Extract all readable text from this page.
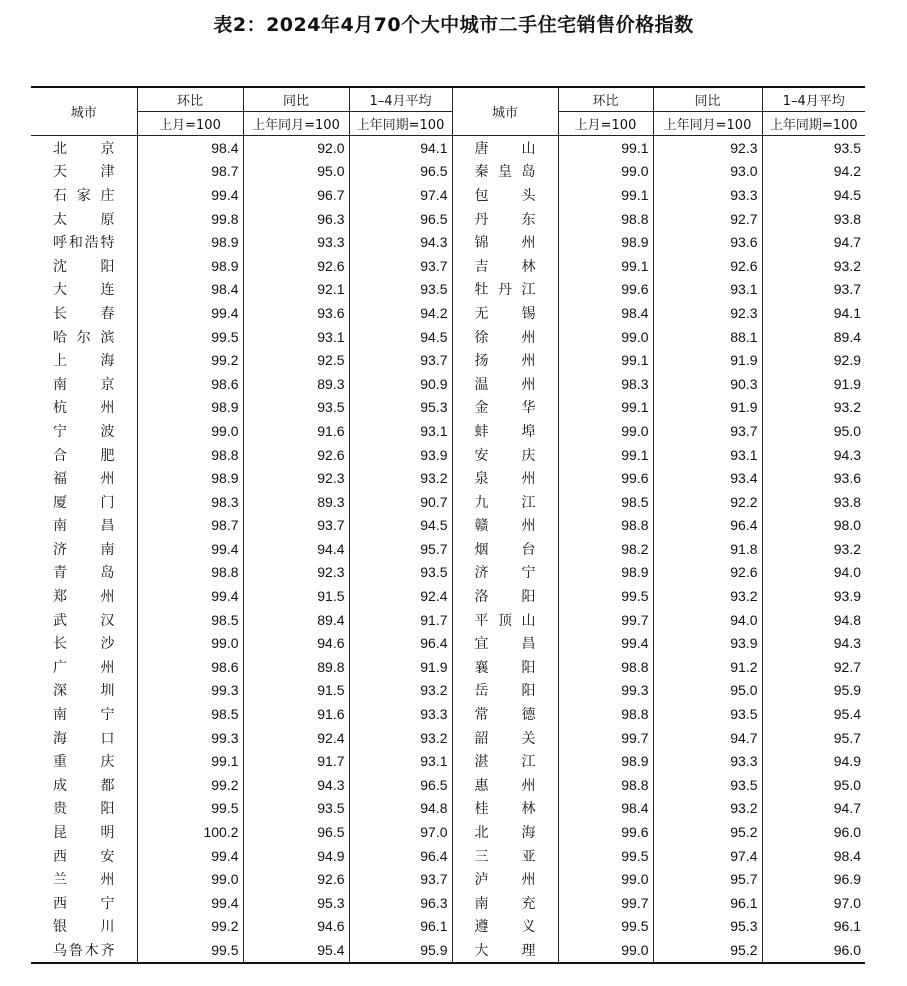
表2：2024年4月70个大中城市二手住宅销售价格指数
城市	环比	同比	1–4月平均	城市	环比	同比	1–4月平均
	上月=100	上年同月=100	上年同期=100		上月=100	上年同月=100	上年同期=100
北京	98.4	92.0	94.1	唐山	99.1	92.3	93.5
天津	98.7	95.0	96.5	秦皇岛	99.0	93.0	94.2
石家庄	99.4	96.7	97.4	包头	99.1	93.3	94.5
太原	99.8	96.3	96.5	丹东	98.8	92.7	93.8
呼和浩特	98.9	93.3	94.3	锦州	98.9	93.6	94.7
沈阳	98.9	92.6	93.7	吉林	99.1	92.6	93.2
大连	98.4	92.1	93.5	牡丹江	99.6	93.1	93.7
长春	99.4	93.6	94.2	无锡	98.4	92.3	94.1
哈尔滨	99.5	93.1	94.5	徐州	99.0	88.1	89.4
上海	99.2	92.5	93.7	扬州	99.1	91.9	92.9
南京	98.6	89.3	90.9	温州	98.3	90.3	91.9
杭州	98.9	93.5	95.3	金华	99.1	91.9	93.2
宁波	99.0	91.6	93.1	蚌埠	99.0	93.7	95.0
合肥	98.8	92.6	93.9	安庆	99.1	93.1	94.3
福州	98.9	92.3	93.2	泉州	99.6	93.4	93.6
厦门	98.3	89.3	90.7	九江	98.5	92.2	93.8
南昌	98.7	93.7	94.5	赣州	98.8	96.4	98.0
济南	99.4	94.4	95.7	烟台	98.2	91.8	93.2
青岛	98.8	92.3	93.5	济宁	98.9	92.6	94.0
郑州	99.4	91.5	92.4	洛阳	99.5	93.2	93.9
武汉	98.5	89.4	91.7	平顶山	99.7	94.0	94.8
长沙	99.0	94.6	96.4	宜昌	99.4	93.9	94.3
广州	98.6	89.8	91.9	襄阳	98.8	91.2	92.7
深圳	99.3	91.5	93.2	岳阳	99.3	95.0	95.9
南宁	98.5	91.6	93.3	常德	98.8	93.5	95.4
海口	99.3	92.4	93.2	韶关	99.7	94.7	95.7
重庆	99.1	91.7	93.1	湛江	98.9	93.3	94.9
成都	99.2	94.3	96.5	惠州	98.8	93.5	95.0
贵阳	99.5	93.5	94.8	桂林	98.4	93.2	94.7
昆明	100.2	96.5	97.0	北海	99.6	95.2	96.0
西安	99.4	94.9	96.4	三亚	99.5	97.4	98.4
兰州	99.0	92.6	93.7	泸州	99.0	95.7	96.9
西宁	99.4	95.3	96.3	南充	99.7	96.1	97.0
银川	99.2	94.6	96.1	遵义	99.5	95.3	96.1
乌鲁木齐	99.5	95.4	95.9	大理	99.0	95.2	96.0
